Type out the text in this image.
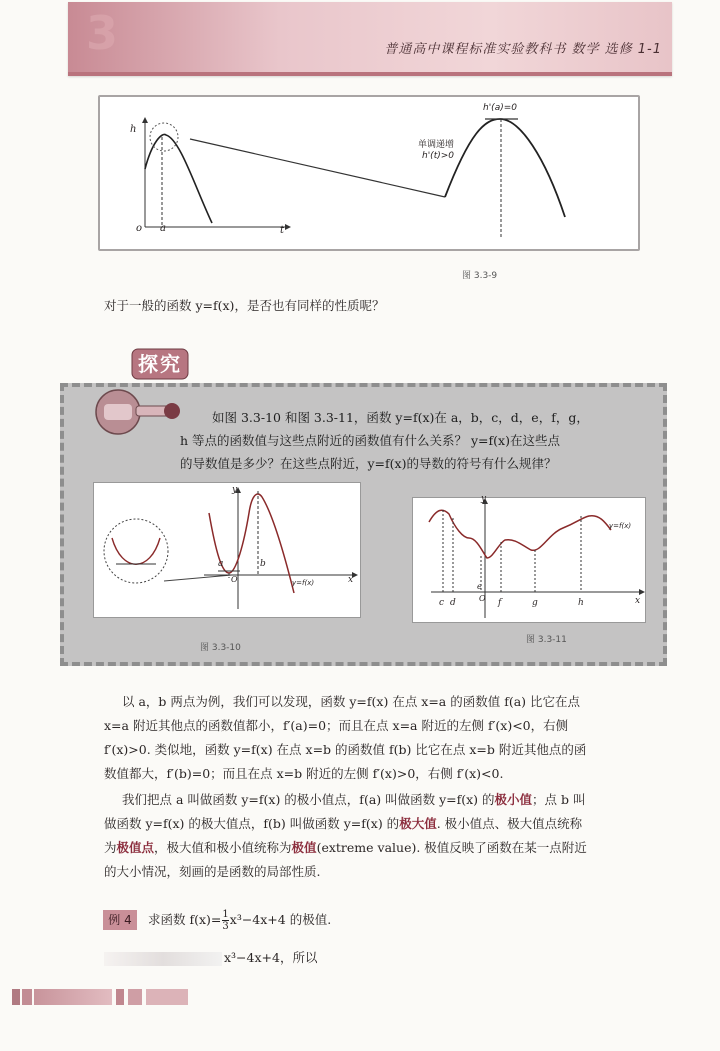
3	普通高中课程标准实验教科书 数学 选修 1-1
h
t
o a
h'(a)=0
单调递增
h'(t)>0
图 3.3-9
对于一般的函数 y=f(x)，是否也有同样的性质呢？
探究
如图 3.3-10 和图 3.3-11，函数 y=f(x)在 a，b，c，d，e，f，g，
h 等点的函数值与这些点附近的函数值有什么关系？ y=f(x)在这些点
的导数值是多少？在这些点附近，y=f(x)的导数的符号有什么规律？
y
x
O
a	b
y=f(x)
图 3.3-10
y
x
y=f(x)
O
c d
e
f	g	h
图 3.3-11
以 a，b 两点为例，我们可以发现，函数 y=f(x) 在点 x=a 的函数值 f(a) 比它在点
x=a 附近其他点的函数值都小，f′(a)=0；而且在点 x=a 附近的左侧 f′(x)<0，右侧
f′(x)>0. 类似地，函数 y=f(x) 在点 x=b 的函数值 f(b) 比它在点 x=b 附近其他点的函
数值都大，f′(b)=0；而且在点 x=b 附近的左侧 f′(x)>0，右侧 f′(x)<0.
我们把点 a 叫做函数 y=f(x) 的极小值点，f(a) 叫做函数 y=f(x) 的极小值；点 b 叫
做函数 y=f(x) 的极大值点，f(b) 叫做函数 y=f(x) 的极大值. 极小值点、极大值点统称
为极值点，极大值和极小值统称为极值(extreme value). 极值反映了函数在某一点附近
的大小情况，刻画的是函数的局部性质.
例 4	求函数 $f(x)= \frac{1}{3} x^3-4x+4$ 的极值.
x³−4x+4，所以
